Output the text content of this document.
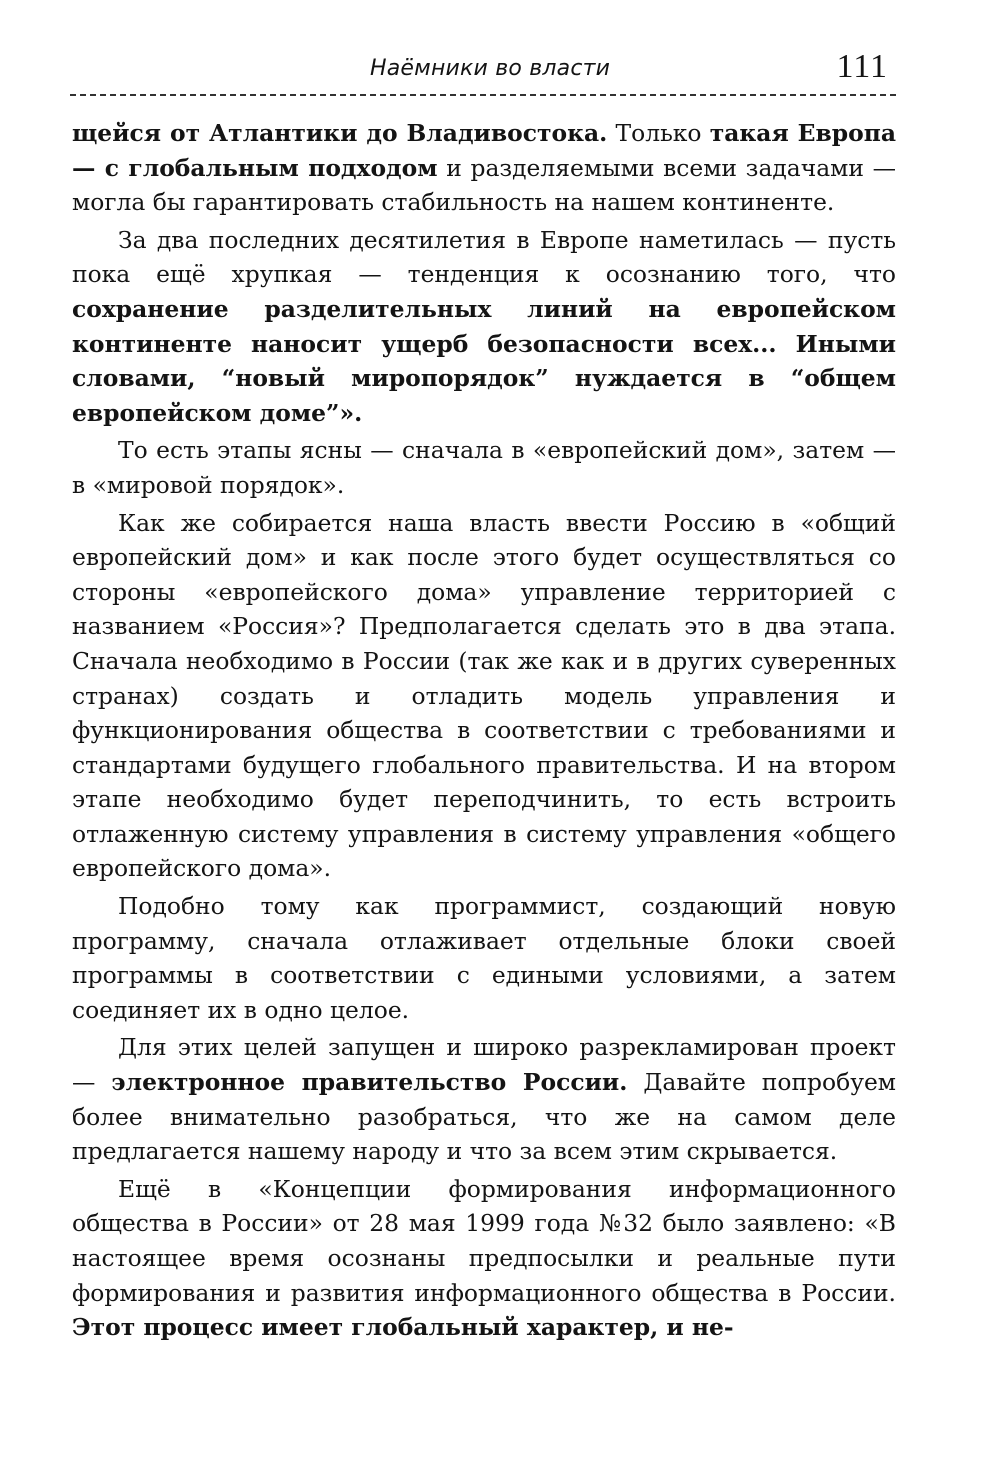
Наёмники во власти	111

щейся от Атлантики до Владивостока. Только такая Европа — с глобальным подходом и разделяемыми всеми задачами — могла бы гарантировать стабильность на нашем континенте.

За два последних десятилетия в Европе наметилась — пусть пока ещё хрупкая — тенденция к осознанию того, что сохранение разделительных линий на европейском континенте наносит ущерб безопасности всех... Иными словами, “новый миропорядок” нуждается в “общем европейском доме”».

То есть этапы ясны — сначала в «европейский дом», затем — в «мировой порядок».

Как же собирается наша власть ввести Россию в «общий европейский дом» и как после этого будет осуществляться со стороны «европейского дома» управление территорией с названием «Россия»? Предполагается сделать это в два этапа. Сначала необходимо в России (так же как и в других суверенных странах) создать и отладить модель управления и функционирования общества в соответствии с требованиями и стандартами будущего глобального правительства. И на втором этапе необходимо будет переподчинить, то есть встроить отлаженную систему управления в систему управления «общего европейского дома».

Подобно тому как программист, создающий новую программу, сначала отлаживает отдельные блоки своей программы в соответствии с едиными условиями, а затем соединяет их в одно целое.

Для этих целей запущен и широко разрекламирован проект — электронное правительство России. Давайте попробуем более внимательно разобраться, что же на самом деле предлагается нашему народу и что за всем этим скрывается.

Ещё в «Концепции формирования информационного общества в России» от 28 мая 1999 года №32 было заявлено: «В настоящее время осознаны предпосылки и реальные пути формирования и развития информационного общества в России. Этот процесс имеет глобальный характер, и не-
